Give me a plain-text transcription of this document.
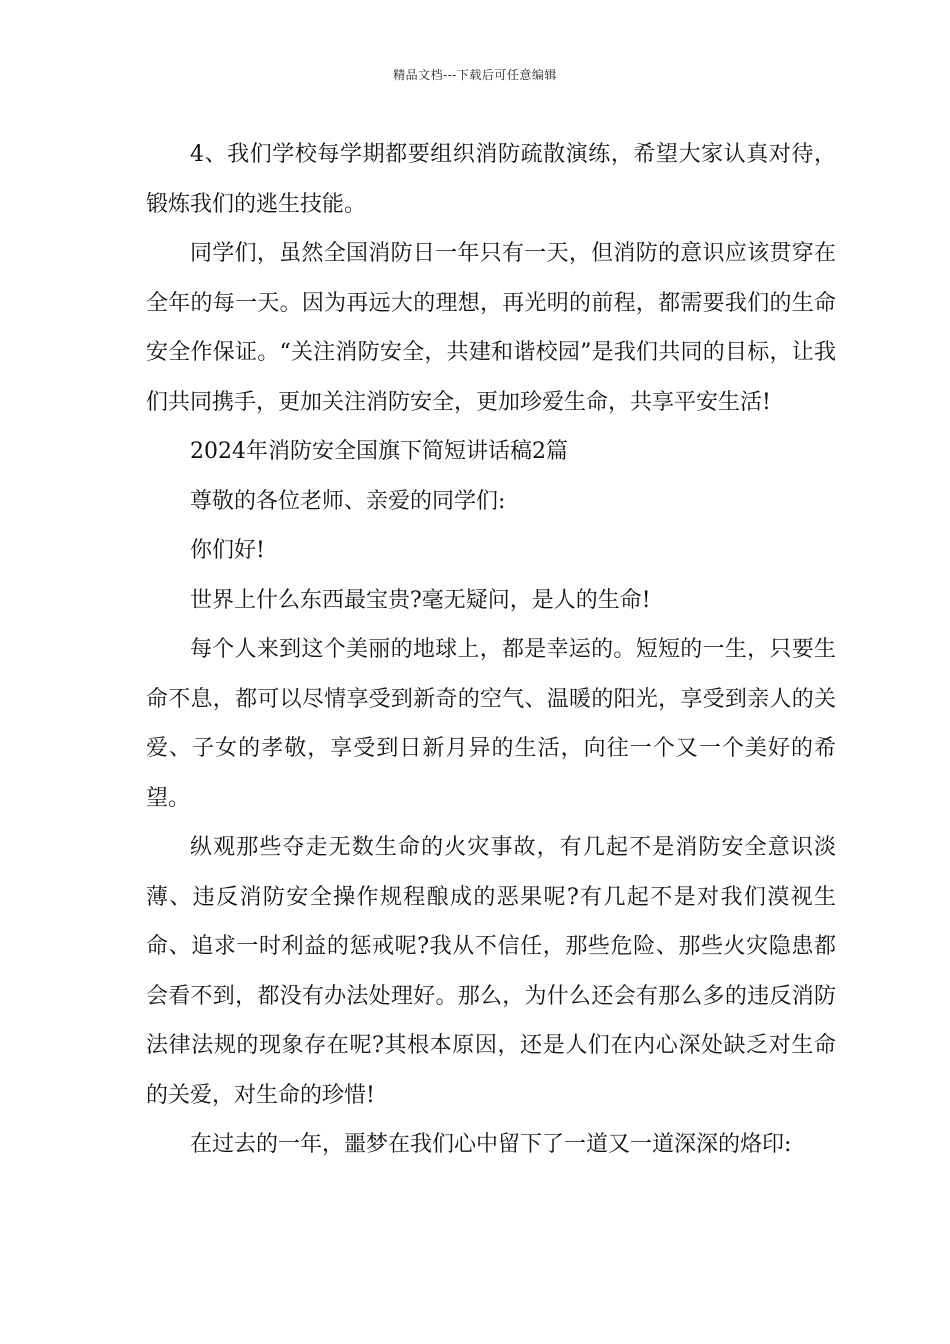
精品文档---下载后可任意编辑

4、我们学校每学期都要组织消防疏散演练，希望大家认真对待，锻炼我们的逃生技能。

同学们，虽然全国消防日一年只有一天，但消防的意识应该贯穿在全年的每一天。因为再远大的理想，再光明的前程，都需要我们的生命安全作保证。“关注消防安全，共建和谐校园”是我们共同的目标，让我们共同携手，更加关注消防安全，更加珍爱生命，共享平安生活!

2024年消防安全国旗下简短讲话稿2篇

尊敬的各位老师、亲爱的同学们:

你们好!

世界上什么东西最宝贵?毫无疑问，是人的生命!

每个人来到这个美丽的地球上，都是幸运的。短短的一生，只要生命不息，都可以尽情享受到新奇的空气、温暖的阳光，享受到亲人的关爱、子女的孝敬，享受到日新月异的生活，向往一个又一个美好的希望。

纵观那些夺走无数生命的火灾事故，有几起不是消防安全意识淡薄、违反消防安全操作规程酿成的恶果呢?有几起不是对我们漠视生命、追求一时利益的惩戒呢?我从不信任，那些危险、那些火灾隐患都会看不到，都没有办法处理好。那么，为什么还会有那么多的违反消防法律法规的现象存在呢?其根本原因，还是人们在内心深处缺乏对生命的关爱，对生命的珍惜!

在过去的一年，噩梦在我们心中留下了一道又一道深深的烙印:
